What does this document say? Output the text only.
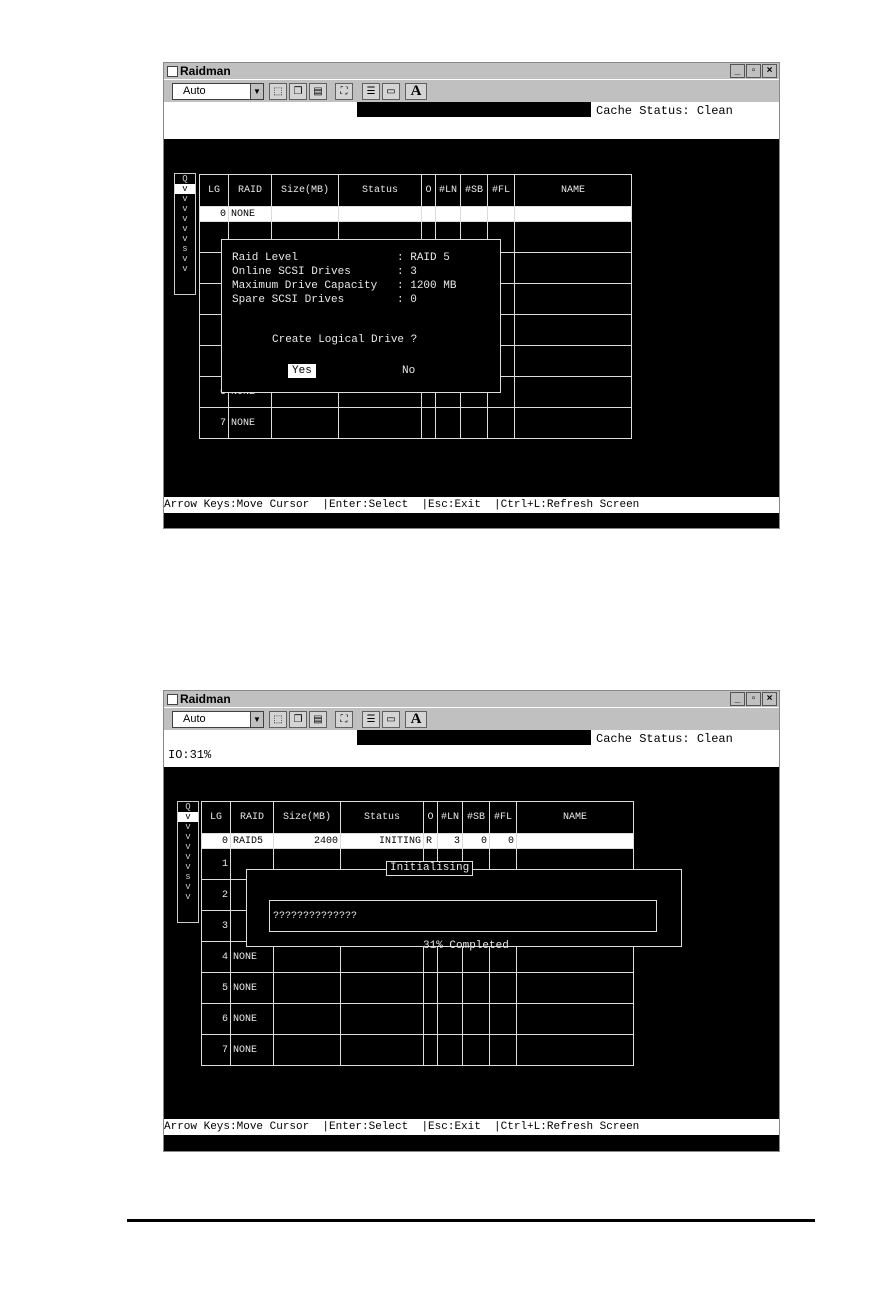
Raidman	_	▫	×
Auto	▼	⬚	❐	▤	⛶	☰	▭ A
Cache Status: Clean
Q
v
v
v
v
v
v
s
v
v
LG	RAID	Size(MB)	Status	O	#LN	#SB	#FL	NAME
0	NONE							

7	NONE							
Raid Level               : RAID 5
Online SCSI Drives       : 3
Maximum Drive Capacity   : 1200 MB
Spare SCSI Drives        : 0
Create Logical Drive ?
Yes	No
Arrow Keys:Move Cursor  |Enter:Select  |Esc:Exit  |Ctrl+L:Refresh Screen
Raidman	_	▫	×
Auto	▼	⬚	❐	▤	⛶	☰	▭ A
Cache Status: Clean
IO:31%
Q
v
v
v
v
v
v
s
v
v
LG	RAID	Size(MB)	Status	O	#LN	#SB	#FL	NAME
0	RAID5	2400	INITING	R	3	0	0	
1								
2								
3								
4	NONE							
5	NONE							
6	NONE							
7	NONE							
??????????????
31% Completed
Initialising
Arrow Keys:Move Cursor  |Enter:Select  |Esc:Exit  |Ctrl+L:Refresh Screen
